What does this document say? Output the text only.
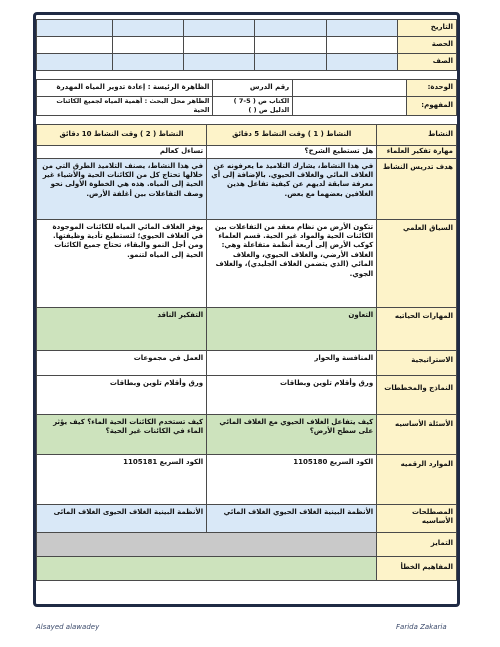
التاريخ					
الحصة					
الصف					
الوحدة:		رقم الدرس	الظاهرة الرئيسة : إعادة تدوير المياه المهدرة
المفهوم:		الكتاب ص ( 5-7 ) الدليل ص ( )	الظاهر محل البحث : أهمية المياه لجميع الكائنات الحية
النشاط	النشاط ( 1 ) وقت النشاط 5 دقائق	النشاط ( 2 ) وقت النشاط 10 دقائق
مهارة تفكير العلماء	هل تستطيع الشرح؟	تساءل كعالم
هدف تدريس النشاط	في هذا النشاط، يشارك التلاميذ ما يعرفونه عن الغلاف المائي والغلاف الحيوي. بالإضافة إلى أي معرفة سابقة لديهم عن كيفية تفاعل هذين الغلافين بعضهما مع بعض.	في هذا النشاط، يصنف التلاميذ الطرق التي من خلالها تحتاج كل من الكائنات الحية والأشياء غير الحية إلى المياه. هذه هي الخطوة الأولى نحو وصف التفاعلات بين أغلفة الأرض.
السياق العلمي	تتكون الأرض من نظام معقد من التفاعلات بين الكائنات الحية والمواد غير الحية. قسم العلماء كوكب الأرض إلى أربعة أنظمة متفاعلة وهي: الغلاف الأرضي، والغلاف الحيوي، والغلاف المائي (الذي يتضمن الغلاف الجليدي)، والغلاف الجوي.	يوفر الغلاف المائي المياه للكائنات الموجودة في الغلاف الحيوي؛ لتستطيع تأدية وظيفتها. ومن أجل النمو والبقاء، تحتاج جميع الكائنات الحية إلى المياه لتنمو.
المهارات الحياتيه	التعاون	التفكير الناقد
الاستراتيجية	المنافسة والحوار	العمل في مجموعات
النماذج والمخططات	ورق وأقلام تلوين وبطاقات	ورق وأقلام تلوين وبطاقات
الأسئلة الأساسيه	كيف يتفاعل الغلاف الحيوي مع الغلاف المائي على سطح الأرض؟	كيف تستخدم الكائنات الحية الماء؟ كيف يؤثر الماء في الكائنات غير الحية؟
الموارد الرقميه	الكود السريع 1105180	الكود السريع 1105181
المصطلحات الأساسيه	الأنظمة البينية الغلاف الحيوي الغلاف المائي	الأنظمة البينية الغلاف الحيوى الغلاف المائى
التمايز		
المفاهيم الخطأ		
Alsayed alawadey	Farida Zakaria
